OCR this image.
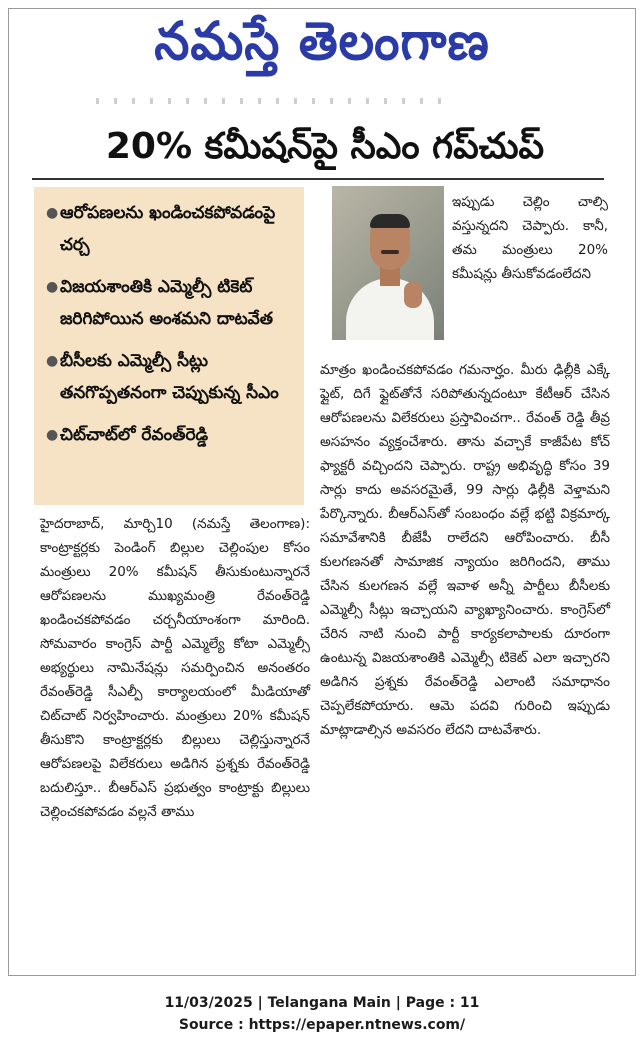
నమస్తే తెలంగాణ
20% కమీషన్‌పై సీఎం గప్‌చుప్
● ఆరోపణలను ఖండించకపోవడంపై చర్చ
● విజయశాంతికి ఎమ్మెల్సీ టికెట్ జరిగిపోయిన అంశమని దాటవేత
● బీసీలకు ఎమ్మెల్సీ సీట్లు తనగొప్పతనంగా చెప్పుకున్న సీఎం
● చిట్‌చాట్‌లో రేవంత్‌రెడ్డి
ఇప్పుడు చెల్లిం చాల్సి వస్తున్నదని చెప్పారు. కానీ, తమ మంత్రులు 20% కమీషన్లు తీసుకోవడంలేదని
మాత్రం ఖండించకపోవడం గమనార్హం. మీరు ఢిల్లీకి ఎక్కే ఫ్లైట్, దిగే ఫ్లైట్‌తోనే సరిపోతున్నదంటూ కేటీఆర్ చేసిన ఆరోపణలను విలేకరులు ప్రస్తావించగా.. రేవంత్ రెడ్డి తీవ్ర అసహనం వ్యక్తంచేశారు. తాను వచ్చాకే కాజీపేట కోచ్ ఫ్యాక్టరీ వచ్చిందని చెప్పారు. రాష్ట్ర అభివృద్ధి కోసం 39 సార్లు కాదు అవసరమైతే, 99 సార్లు ఢిల్లీకి వెళ్తామని పేర్కొన్నారు. బీఆర్ఎస్‌తో సంబంధం వల్లే భట్టి విక్రమార్క సమావేశానికి బీజేపీ రాలేదని ఆరోపించారు. బీసీ కులగణనతో సామాజిక న్యాయం జరిగిందని, తాము చేసిన కులగణన వల్లే ఇవాళ అన్నీ పార్టీలు బీసీలకు ఎమ్మెల్సీ సీట్లు ఇచ్చాయని వ్యాఖ్యానించారు. కాంగ్రెస్‌లో చేరిన నాటి నుంచి పార్టీ కార్యకలాపాలకు దూరంగా ఉంటున్న విజయశాంతికి ఎమ్మెల్సీ టికెట్ ఎలా ఇచ్చారని అడిగిన ప్రశ్నకు రేవంత్‌రెడ్డి ఎలాంటి సమాధానం చెప్పలేకపోయారు. ఆమె పదవి గురించి ఇప్పుడు మాట్లాడాల్సిన అవసరం లేదని దాటవేశారు.
హైదరాబాద్, మార్చి10 (నమస్తే తెలంగాణ): కాంట్రాక్టర్లకు పెండింగ్ బిల్లుల చెల్లింపుల కోసం మంత్రులు 20% కమీషన్ తీసుకుంటున్నారనే ఆరోపణలను ముఖ్యమంత్రి రేవంత్‌రెడ్డి ఖండించకపోవడం చర్చనీయాంశంగా మారింది. సోమవారం కాంగ్రెస్ పార్టీ ఎమ్మెల్యే కోటా ఎమ్మెల్సీ అభ్యర్థులు నామినేషన్లు సమర్పించిన అనంతరం రేవంత్‌రెడ్డి సీఎల్పీ కార్యాలయంలో మీడియాతో చిట్‌చాట్ నిర్వహించారు. మంత్రులు 20% కమీషన్ తీసుకొని కాంట్రాక్టర్లకు బిల్లులు చెల్లిస్తున్నారనే ఆరోపణలపై విలేకరులు అడిగిన ప్రశ్నకు రేవంత్‌రెడ్డి బదులిస్తూ.. బీఆర్ఎస్ ప్రభుత్వం కాంట్రాక్టు బిల్లులు చెల్లించకపోవడం వల్లనే తాము
11/03/2025 | Telangana Main | Page : 11
Source : https://epaper.ntnews.com/
